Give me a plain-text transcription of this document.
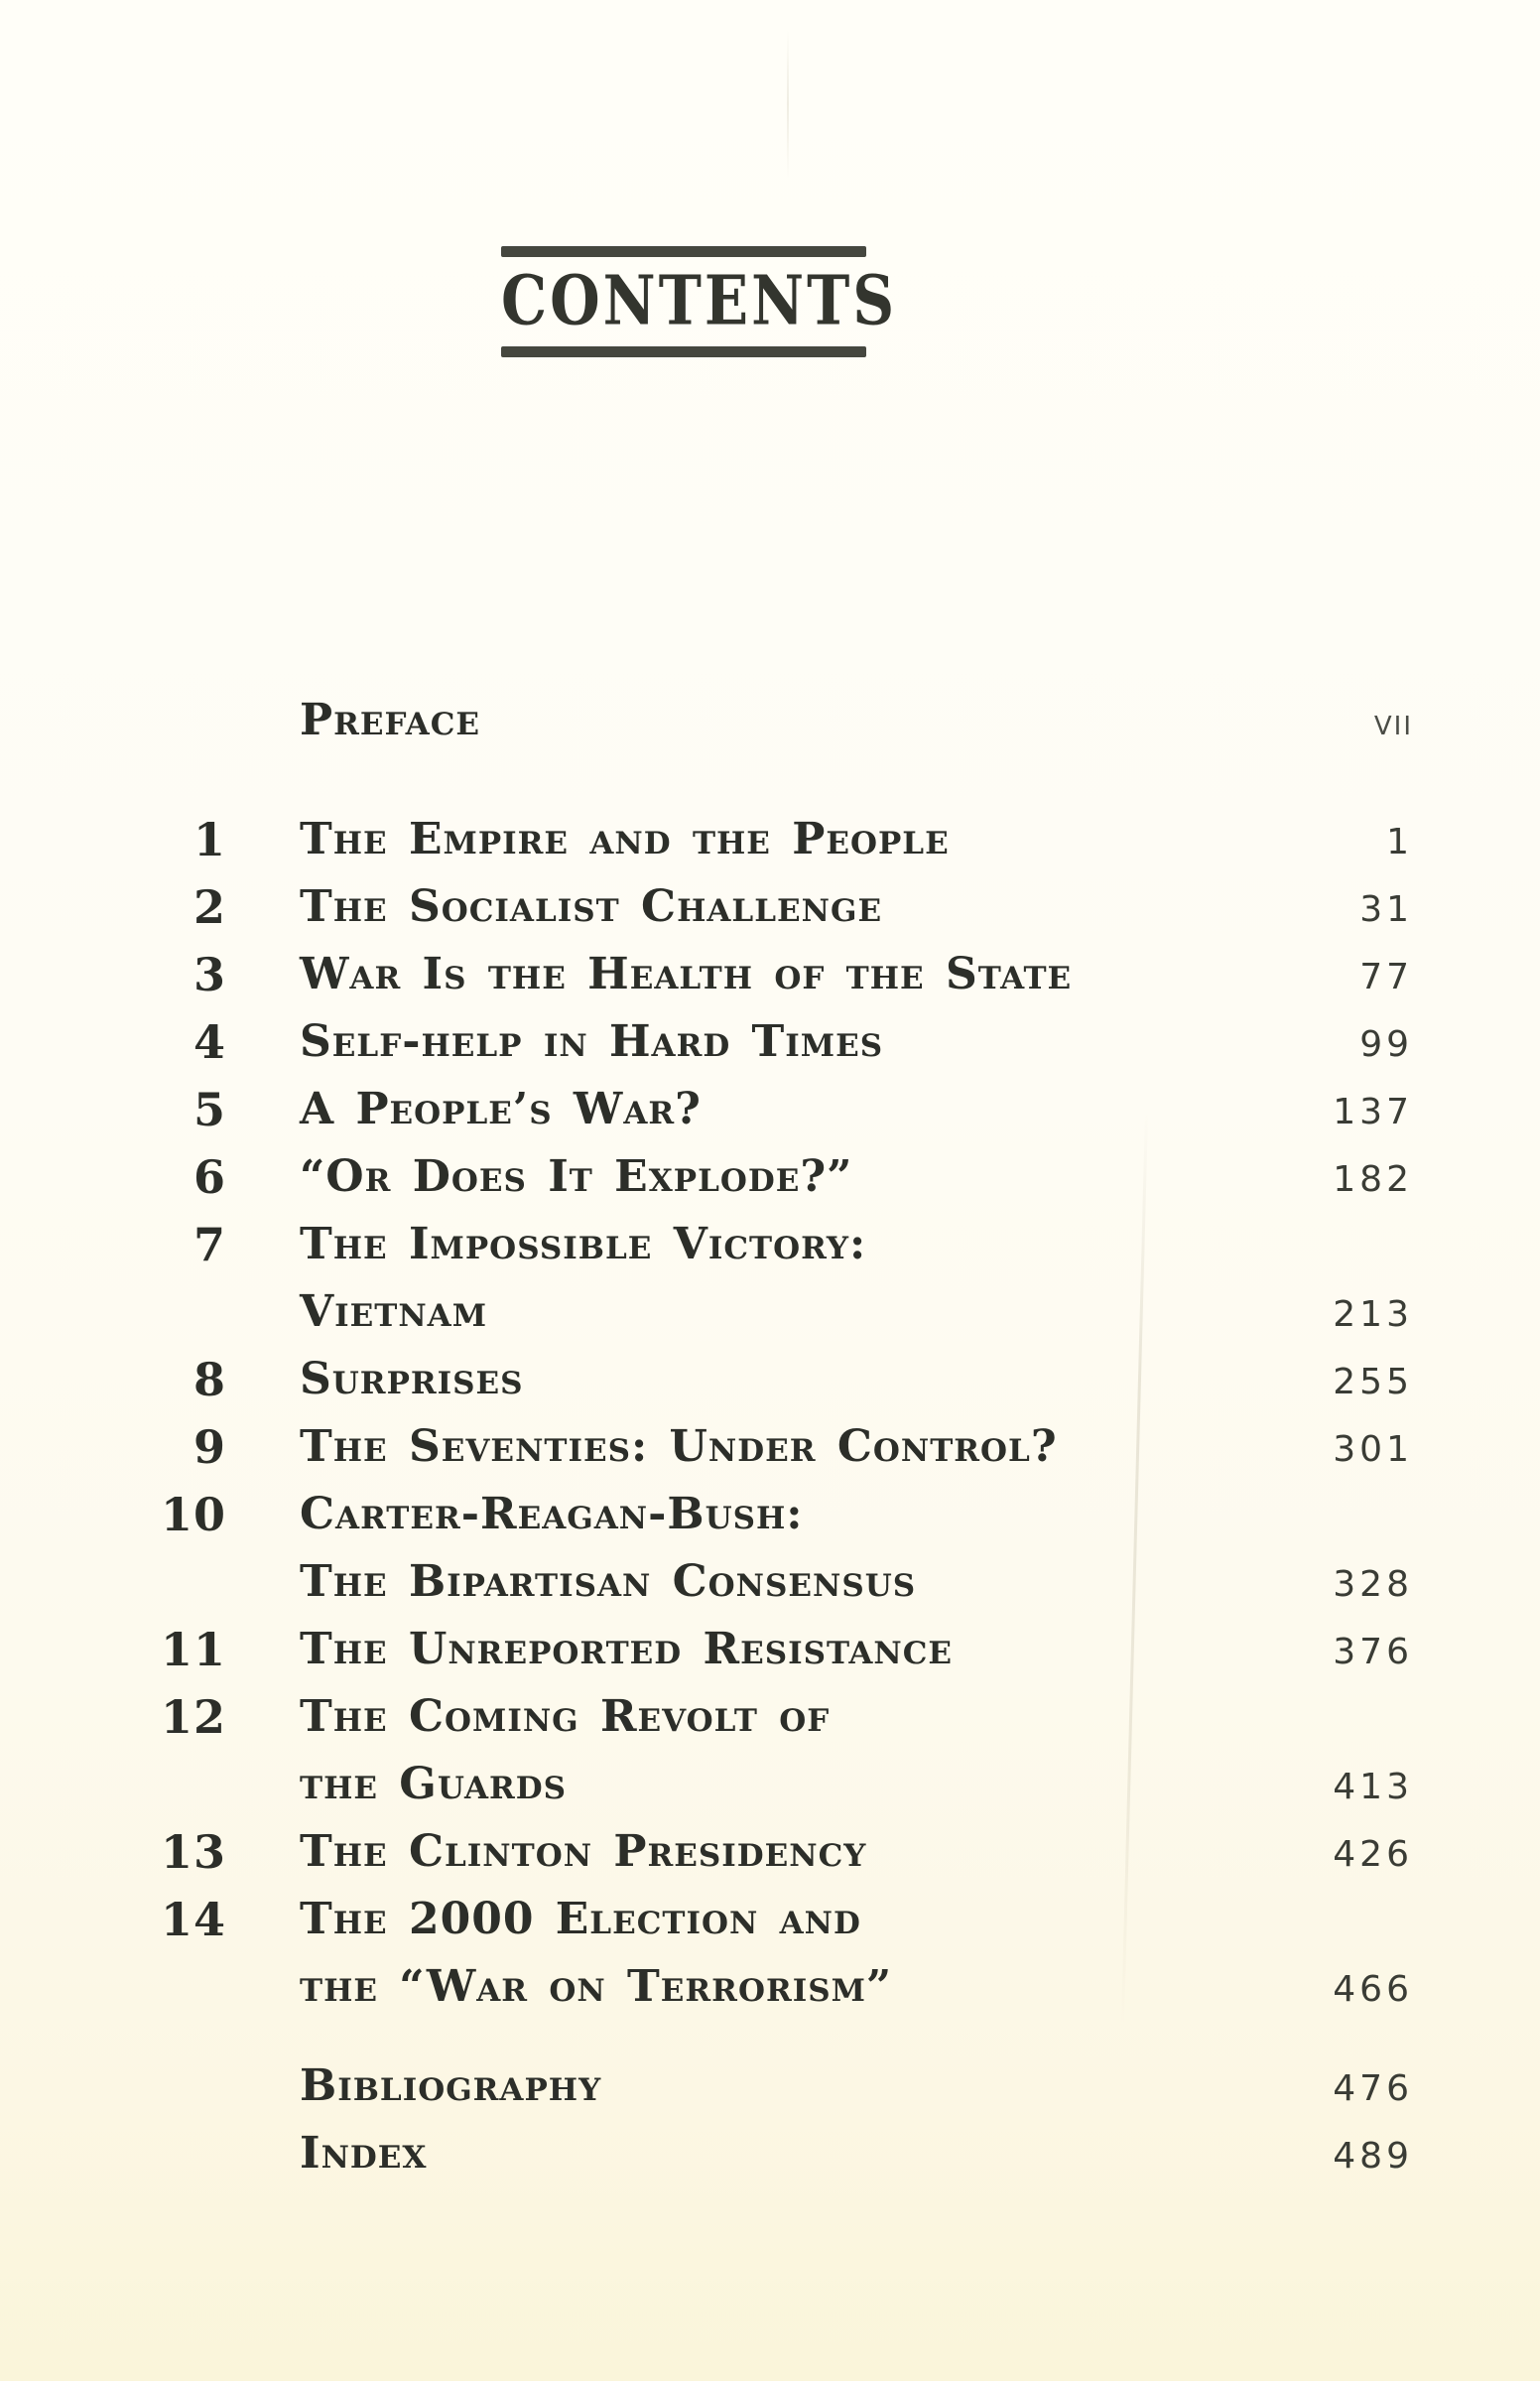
CONTENTS
Preface	VII
1 The Empire and the People	1
2 The Socialist Challenge	31
3 War Is the Health of the State	77
4 Self-help in Hard Times	99
5 A People’s War?	137
6 “Or Does It Explode?”	182
7 The Impossible Victory:
Vietnam	213
8 Surprises	255
9 The Seventies: Under Control?	301
10 Carter-Reagan-Bush:
The Bipartisan Consensus	328
11 The Unreported Resistance	376
12 The Coming Revolt of
the Guards	413
13 The Clinton Presidency	426
14 The 2000 Election and
the “War on Terrorism”	466
Bibliography	476
Index	489
